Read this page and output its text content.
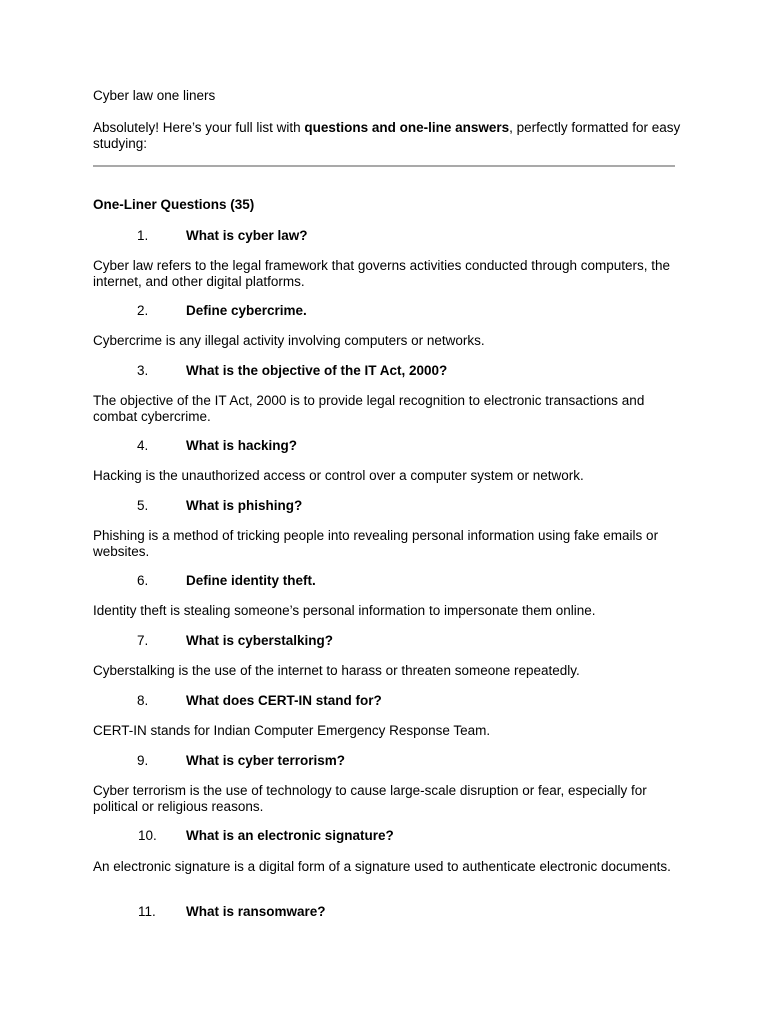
Cyber law one liners
Absolutely! Here’s your full list with questions and one-line answers, perfectly formatted for easy studying:
One-Liner Questions (35)
1.	What is cyber law?
Cyber law refers to the legal framework that governs activities conducted through computers, the internet, and other digital platforms.
2.	Define cybercrime.
Cybercrime is any illegal activity involving computers or networks.
3.	What is the objective of the IT Act, 2000?
The objective of the IT Act, 2000 is to provide legal recognition to electronic transactions and combat cybercrime.
4.	What is hacking?
Hacking is the unauthorized access or control over a computer system or network.
5.	What is phishing?
Phishing is a method of tricking people into revealing personal information using fake emails or websites.
6.	Define identity theft.
Identity theft is stealing someone’s personal information to impersonate them online.
7.	What is cyberstalking?
Cyberstalking is the use of the internet to harass or threaten someone repeatedly.
8.	What does CERT-IN stand for?
CERT-IN stands for Indian Computer Emergency Response Team.
9.	What is cyber terrorism?
Cyber terrorism is the use of technology to cause large-scale disruption or fear, especially for political or religious reasons.
10.	What is an electronic signature?
An electronic signature is a digital form of a signature used to authenticate electronic documents.
11.	What is ransomware?
